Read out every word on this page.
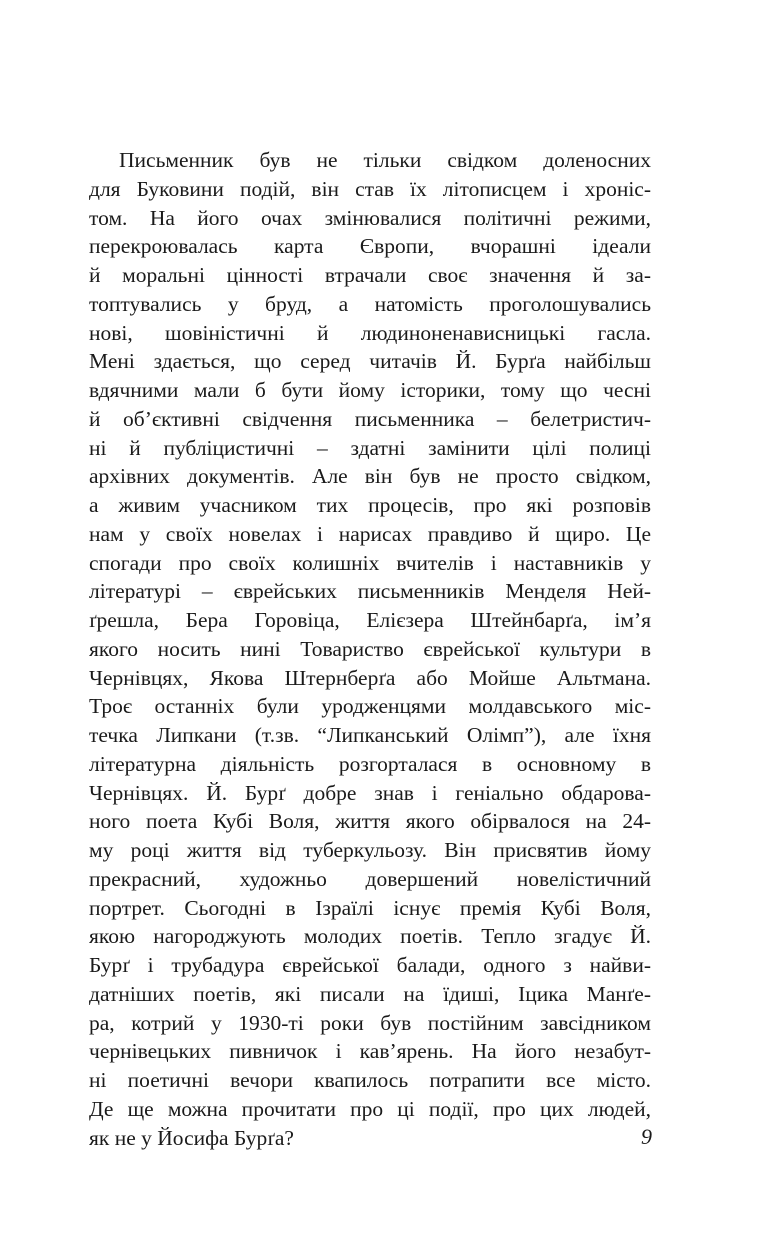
Письменник був не тільки свідком доленосних
для Буковини подій, він став їх літописцем і хроніс-
том. На його очах змінювалися політичні режими,
перекроювалась карта Європи, вчорашні ідеали
й моральні цінності втрачали своє значення й за-
топтувались у бруд, а натомість проголошувались
нові, шовіністичні й людиноненависницькі гасла.
Мені здається, що серед читачів Й. Бурґа найбільш
вдячними мали б бути йому історики, тому що чесні
й об’єктивні свідчення письменника – белетристич-
ні й публіцистичні – здатні замінити цілі полиці
архівних документів. Але він був не просто свідком,
а живим учасником тих процесів, про які розповів
нам у своїх новелах і нарисах правдиво й щиро. Це
спогади про своїх колишніх вчителів і наставників у
літературі – єврейських письменників Менделя Ней-
ґрешла, Бера Горовіца, Елієзера Штейнбарґа, ім’я
якого носить нині Товариство єврейської культури в
Чернівцях, Якова Штернберґа або Мойше Альтмана.
Троє останніх були уродженцями молдавського міс-
течка Липкани (т.зв. “Липканський Олімп”), але їхня
літературна діяльність розгорталася в основному в
Чернівцях. Й. Бурґ добре знав і геніально обдарова-
ного поета Кубі Воля, життя якого обірвалося на 24-
му році життя від туберкульозу. Він присвятив йому
прекрасний, художньо довершений новелістичний
портрет. Сьогодні в Ізраїлі існує премія Кубі Воля,
якою нагороджують молодих поетів. Тепло згадує Й.
Бурґ і трубадура єврейської балади, одного з найви-
датніших поетів, які писали на їдиші, Іцика Манґе-
ра, котрий у 1930-ті роки був постійним завсідником
чернівецьких пивничок і кав’ярень. На його незабут-
ні поетичні вечори квапилось потрапити все місто.
Де ще можна прочитати про ці події, про цих людей,
як не у Йосифа Бурґа?	9
